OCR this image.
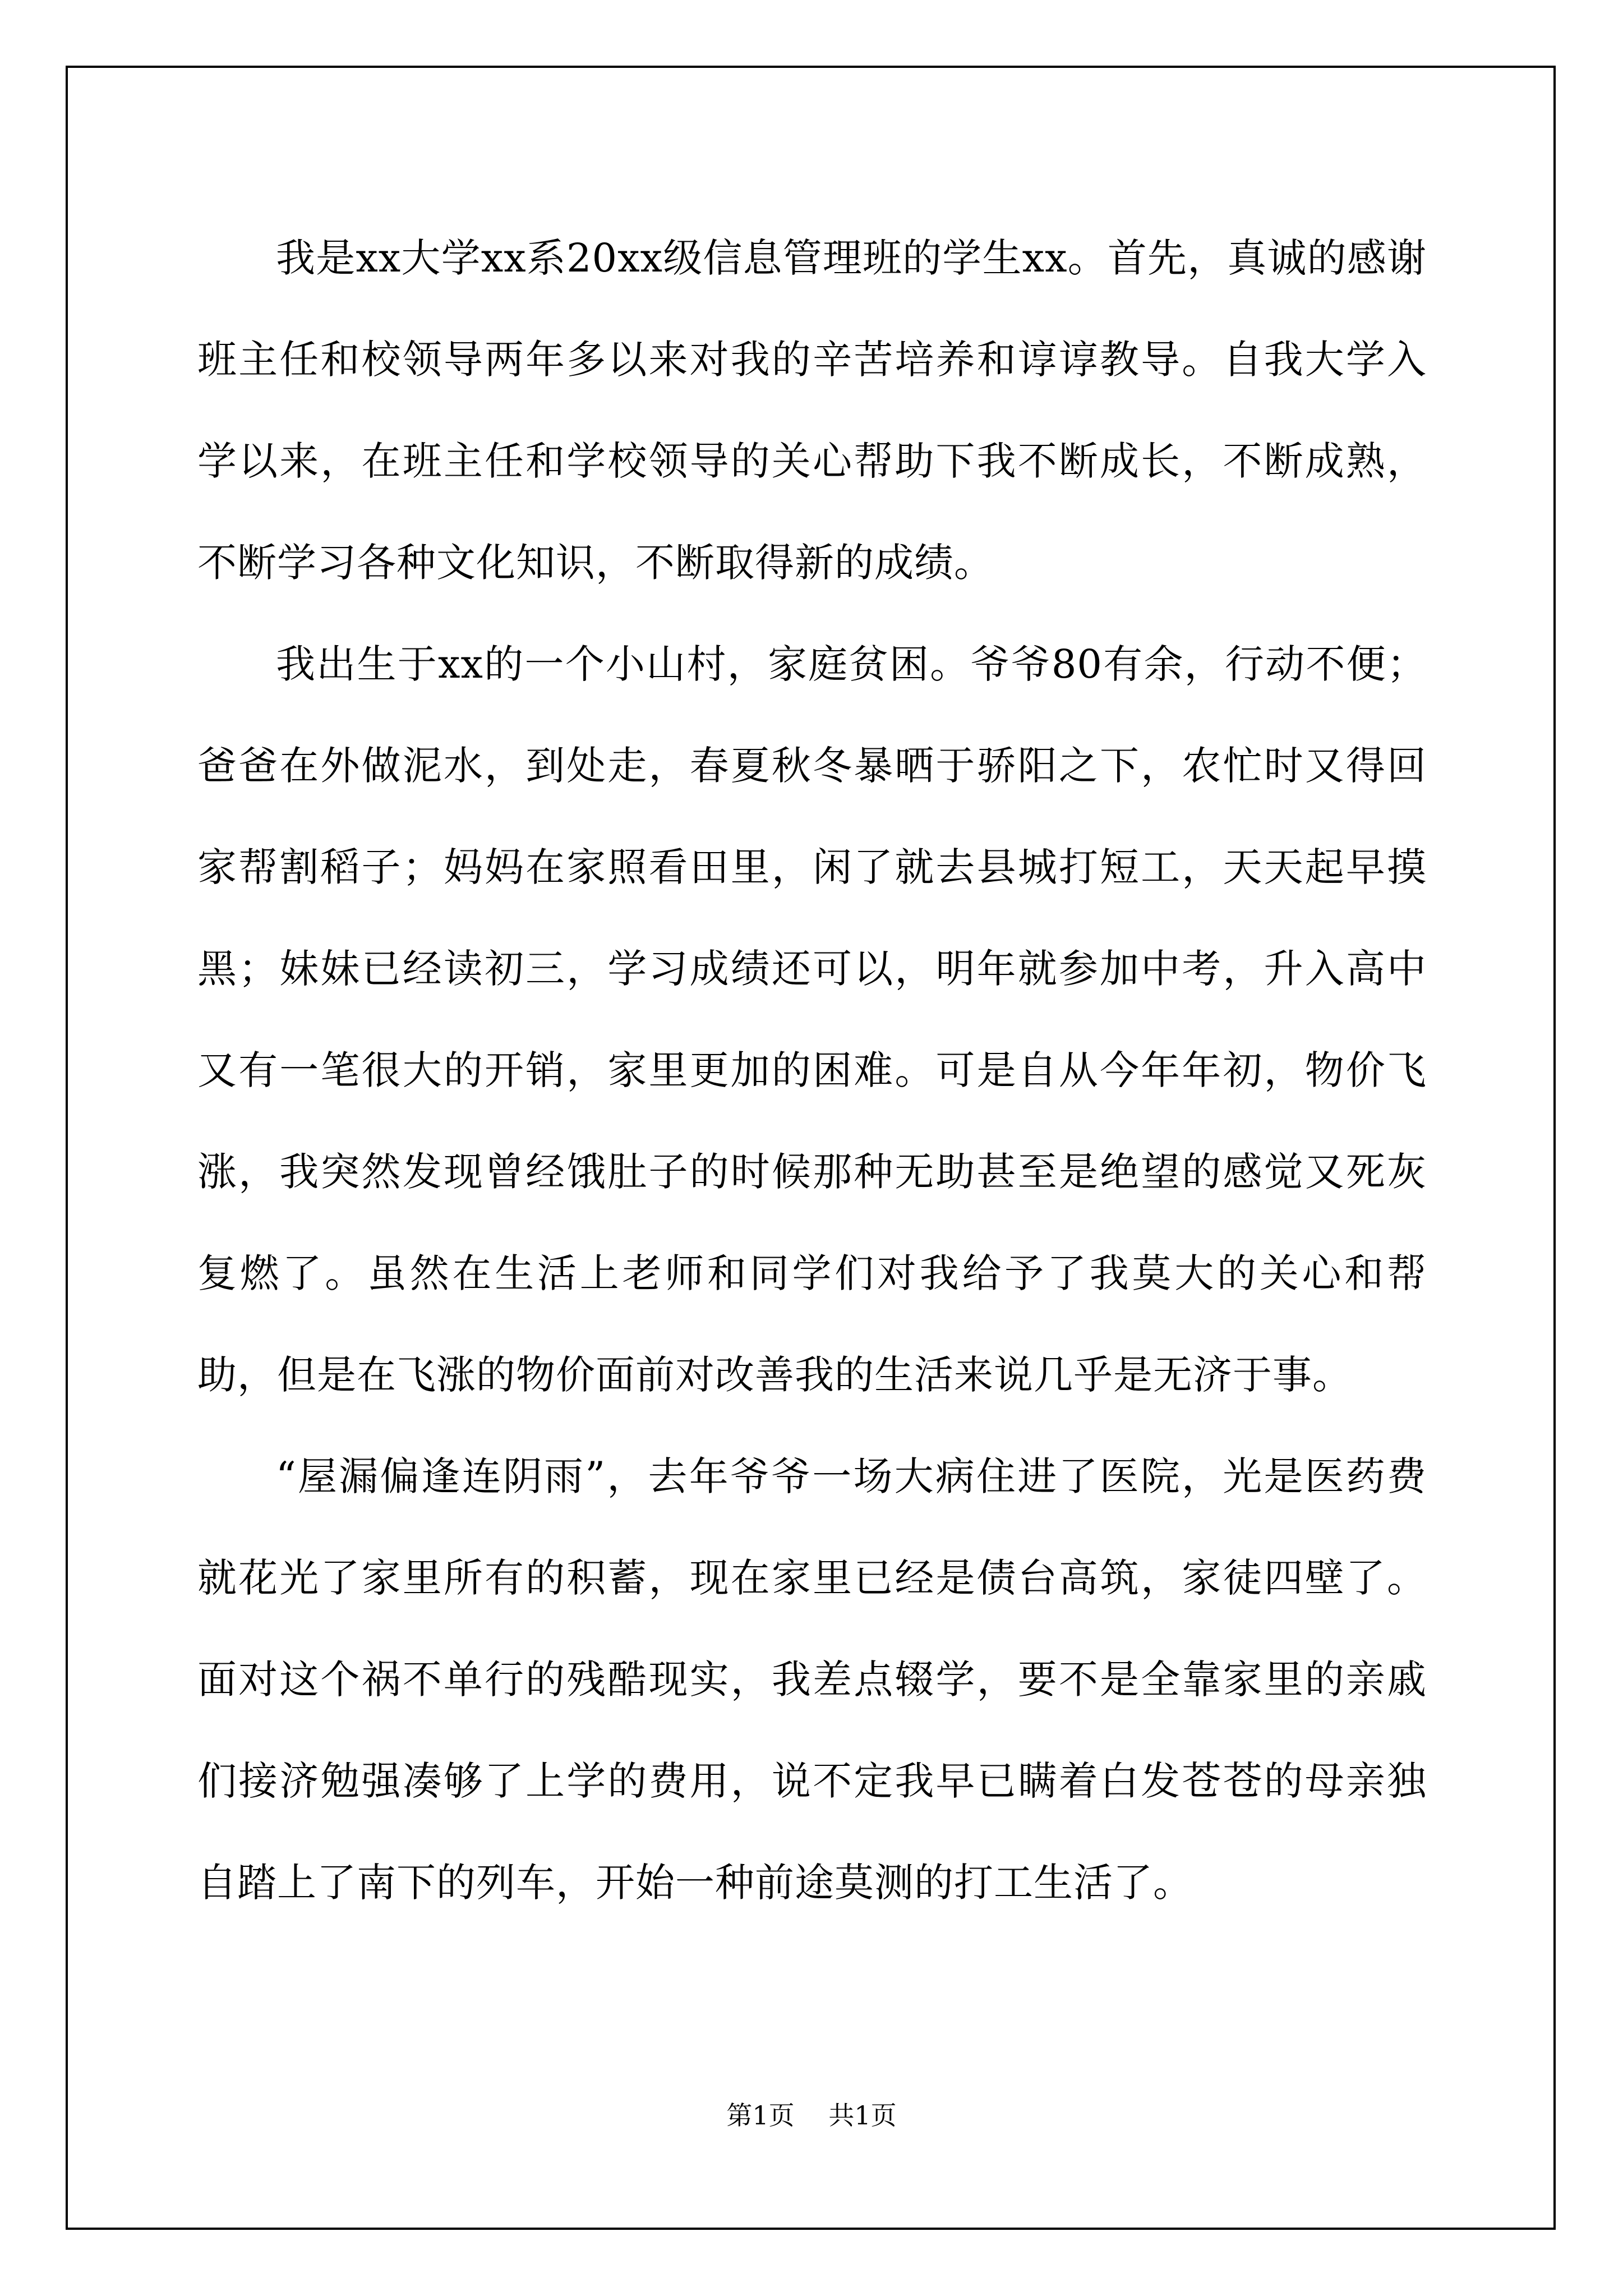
我是xx大学xx系20xx级信息管理班的学生xx。首先，真诚的感谢班主任和校领导两年多以来对我的辛苦培养和谆谆教导。自我大学入学以来，在班主任和学校领导的关心帮助下我不断成长，不断成熟，不断学习各种文化知识，不断取得新的成绩。

我出生于xx的一个小山村，家庭贫困。爷爷80有余，行动不便；爸爸在外做泥水，到处走，春夏秋冬暴晒于骄阳之下，农忙时又得回家帮割稻子；妈妈在家照看田里，闲了就去县城打短工，天天起早摸黑；妹妹已经读初三，学习成绩还可以，明年就参加中考，升入高中又有一笔很大的开销，家里更加的困难。可是自从今年年初，物价飞涨，我突然发现曾经饿肚子的时候那种无助甚至是绝望的感觉又死灰复燃了。虽然在生活上老师和同学们对我给予了我莫大的关心和帮助，但是在飞涨的物价面前对改善我的生活来说几乎是无济于事。

“屋漏偏逢连阴雨”，去年爷爷一场大病住进了医院，光是医药费就花光了家里所有的积蓄，现在家里已经是债台高筑，家徒四壁了。面对这个祸不单行的残酷现实，我差点辍学，要不是全靠家里的亲戚们接济勉强凑够了上学的费用，说不定我早已瞒着白发苍苍的母亲独自踏上了南下的列车，开始一种前途莫测的打工生活了。

第1页 共1页
